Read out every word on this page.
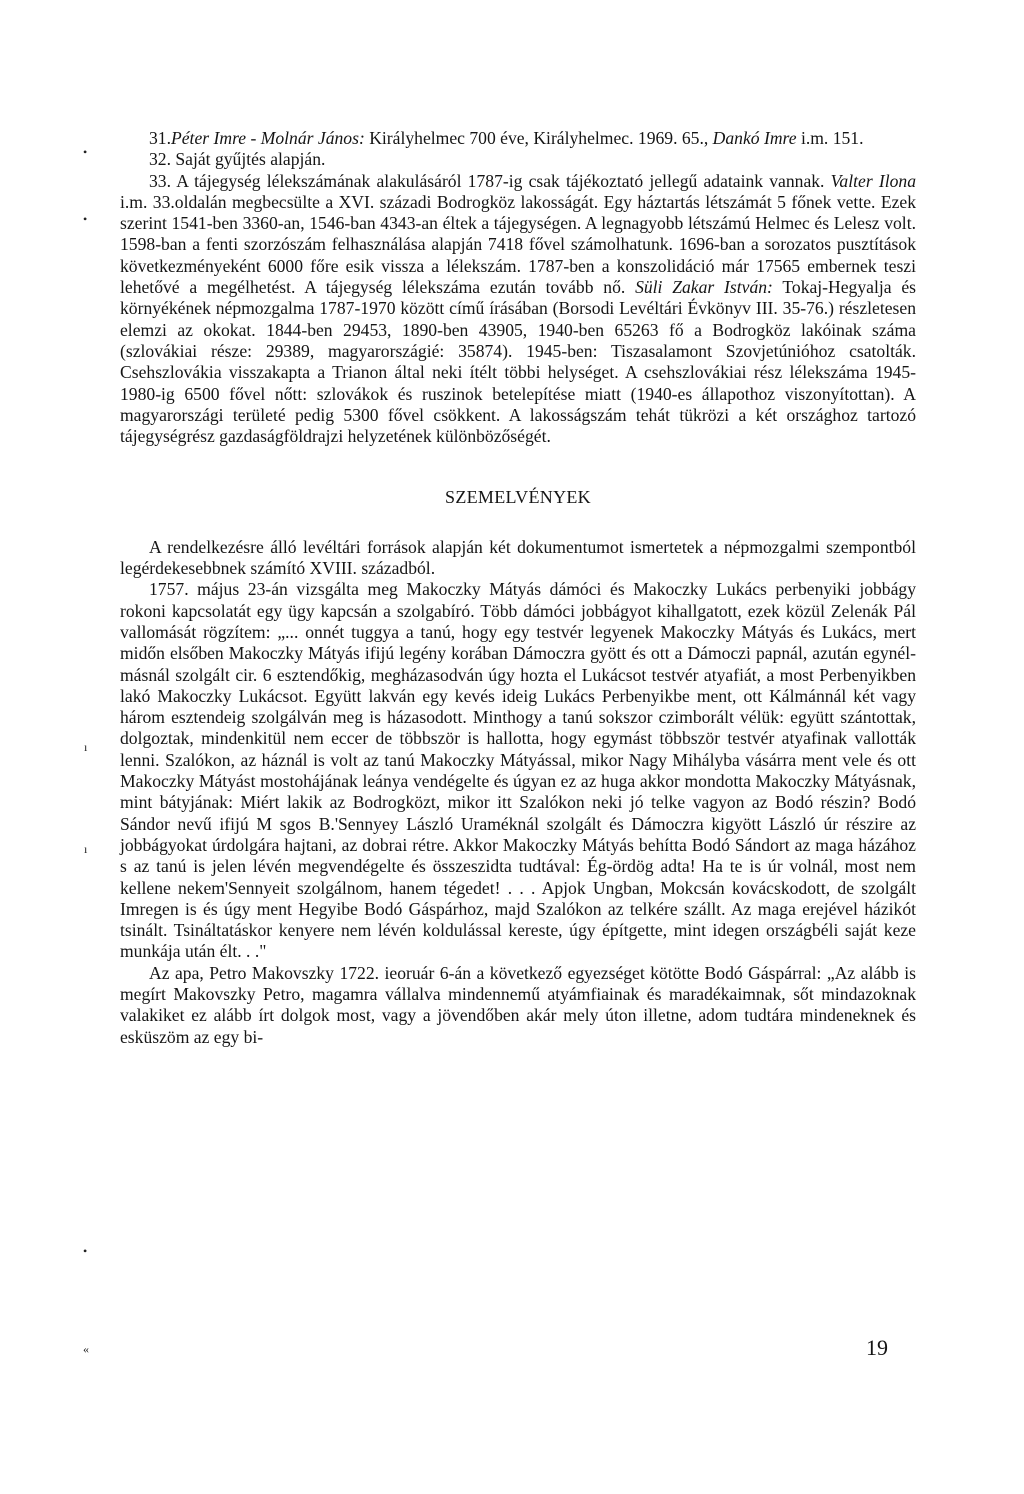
31.Péter Imre - Molnár János: Királyhelmec 700 éve, Királyhelmec. 1969. 65., Dankó Imre i.m. 151.

32. Saját gyűjtés alapján.

33. A tájegység lélekszámának alakulásáról 1787-ig csak tájékoztató jellegű adataink vannak. Valter Ilona i.m. 33.oldalán megbecsülte a XVI. századi Bodrogköz lakosságát. Egy háztartás létszámát 5 főnek vette. Ezek szerint 1541-ben 3360-an, 1546-ban 4343-an éltek a tájegységen. A legnagyobb létszámú Helmec és Lelesz volt. 1598-ban a fenti szorzószám felhasználása alapján 7418 fővel számolhatunk. 1696-ban a sorozatos pusztítások következményeként 6000 főre esik vissza a lélekszám. 1787-ben a konszolidáció már 17565 embernek teszi lehetővé a megélhetést. A tájegység lélekszáma ezután tovább nő. Süli Zakar István: Tokaj-Hegyalja és környékének népmozgalma 1787-1970 között című írásában (Borsodi Levéltári Évkönyv III. 35-76.) részletesen elemzi az okokat. 1844-ben 29453, 1890-ben 43905, 1940-ben 65263 fő a Bodrogköz lakóinak száma (szlovákiai része: 29389, magyarországié: 35874). 1945-ben: Tiszasalamont Szovjetúnióhoz csatolták. Csehszlovákia visszakapta a Trianon által neki ítélt többi helységet. A csehszlovákiai rész lélekszáma 1945-1980-ig 6500 fővel nőtt: szlovákok és ruszinok betelepítése miatt (1940-es állapothoz viszonyítottan). A magyarországi területé pedig 5300 fővel csökkent. A lakosságszám tehát tükrözi a két országhoz tartozó tájegységrész gazdaságföldrajzi helyzetének különbözőségét.

SZEMELVÉNYEK

A rendelkezésre álló levéltári források alapján két dokumentumot ismertetek a népmozgalmi szempontból legérdekesebbnek számító XVIII. századból.

1757. május 23-án vizsgálta meg Makoczky Mátyás dámóci és Makoczky Lukács perbenyiki jobbágy rokoni kapcsolatát egy ügy kapcsán a szolgabíró. Több dámóci jobbágyot kihallgatott, ezek közül Zelenák Pál vallomását rögzítem: „... onnét tuggya a tanú, hogy egy testvér legyenek Makoczky Mátyás és Lukács, mert midőn elsőben Makoczky Mátyás ifijú legény korában Dámoczra gyött és ott a Dámoczi papnál, azután egynél-másnál szolgált cir. 6 esztendőkig, megházasodván úgy hozta el Lukácsot testvér atyafiát, a most Perbenyikben lakó Makoczky Lukácsot. Együtt lakván egy kevés ideig Lukács Perbenyikbe ment, ott Kálmánnál két vagy három esztendeig szolgálván meg is házasodott. Minthogy a tanú sokszor czimborált vélük: együtt szántottak, dolgoztak, mindenkitül nem eccer de többször is hallotta, hogy egymást többször testvér atyafinak vallották lenni. Szalókon, az háznál is volt az tanú Makoczky Mátyással, mikor Nagy Mihályba vásárra ment vele és ott Makoczky Mátyást mostohájának leánya vendégelte és úgyan ez az huga akkor mondotta Makoczky Mátyásnak, mint bátyjának: Miért lakik az Bodrogközt, mikor itt Szalókon neki jó telke vagyon az Bodó részin? Bodó Sándor nevű ifijú M sgos B.'Sennyey László Uraméknál szolgált és Dámoczra kigyött László úr részire az jobbágyokat úrdolgára hajtani, az dobrai rétre. Akkor Makoczky Mátyás behítta Bodó Sándort az maga házához s az tanú is jelen lévén megvendégelte és összeszidta tudtával: Ég-ördög adta! Ha te is úr volnál, most nem kellene nekem'Sennyeit szolgálnom, hanem tégedet! . . . Apjok Ungban, Mokcsán kovácskodott, de szolgált Imregen is és úgy ment Hegyibe Bodó Gáspárhoz, majd Szalókon az telkére szállt. Az maga erejével házikót tsinált. Tsináltatáskor kenyere nem lévén koldulással kereste, úgy építgette, mint idegen országbéli saját keze munkája után élt. . ."

Az apa, Petro Makovszky 1722. ieoruár 6-án a következő egyezséget kötötte Bodó Gáspárral: „Az alább is megírt Makovszky Petro, magamra vállalva mindennemű atyámfiainak és maradékaimnak, sőt mindazoknak valakiket ez alább írt dolgok most, vagy a jövendőben akár mely úton illetne, adom tudtára mindeneknek és esküszöm az egy bi-

19
•
•
ı
ı
•
«
